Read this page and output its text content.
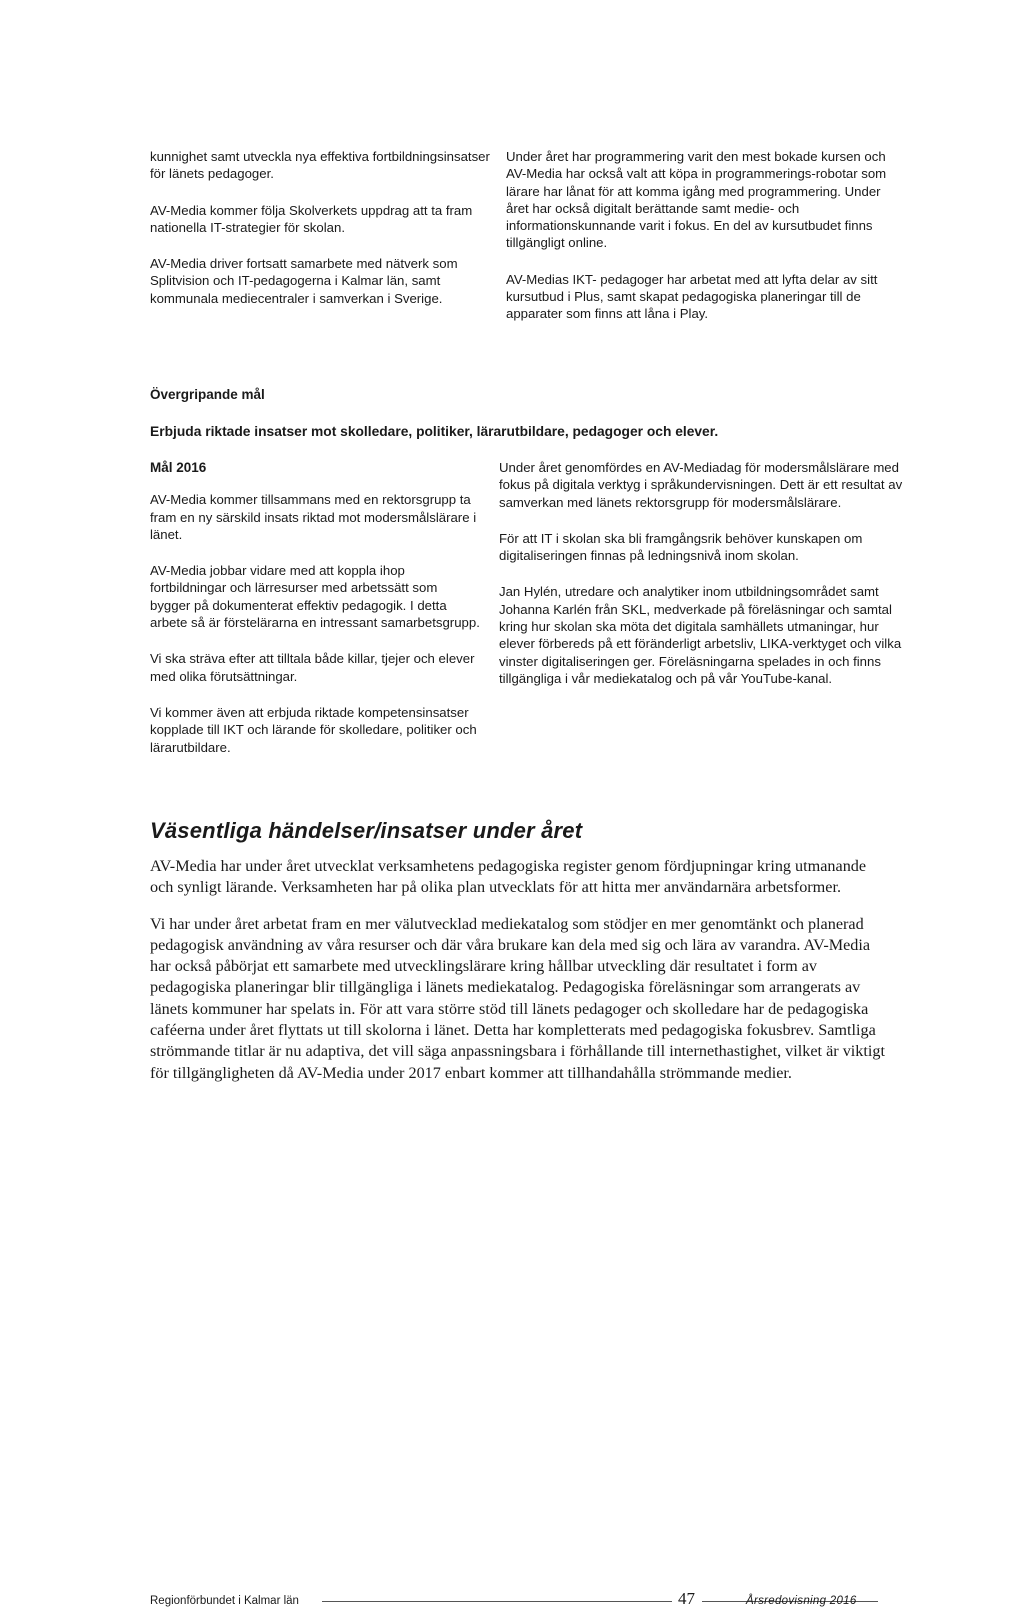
kunnighet samt utveckla nya effektiva fortbildningsinsatser för länets pedagoger.

AV-Media kommer följa Skolverkets uppdrag att ta fram nationella IT-strategier för skolan.

AV-Media driver fortsatt samarbete med nätverk som Splitvision och IT-pedagogerna i Kalmar län, samt kommunala mediecentraler i samverkan i Sverige.

Under året har programmering varit den mest bokade kursen och AV-Media har också valt att köpa in programmerings-robotar som lärare har lånat för att komma igång med programmering. Under året har också digitalt berättande samt medie- och informationskunnande varit i fokus. En del av kursutbudet finns tillgängligt online.

AV-Medias IKT- pedagoger har arbetat med att lyfta delar av sitt kursutbud i Plus, samt skapat pedagogiska planeringar till de apparater som finns att låna i Play.

Övergripande mål
Erbjuda riktade insatser mot skolledare, politiker, lärarutbildare, pedagoger och elever.
Mål 2016

AV-Media kommer tillsammans med en rektorsgrupp ta fram en ny särskild insats riktad mot modersmålslärare i länet.

AV-Media jobbar vidare med att koppla ihop fortbildningar och lärresurser med arbetssätt som bygger på dokumenterat effektiv pedagogik. I detta arbete så är förstelärarna en intressant samarbetsgrupp.

Vi ska sträva efter att tilltala både killar, tjejer och elever med olika förutsättningar.

Vi kommer även att erbjuda riktade kompetensinsatser kopplade till IKT och lärande för skolledare, politiker och lärarutbildare.

Under året genomfördes en AV-Mediadag för modersmålslärare med fokus på digitala verktyg i språkundervisningen. Dett är ett resultat av samverkan med länets rektorsgrupp för modersmålslärare.

För att IT i skolan ska bli framgångsrik behöver kunskapen om digitaliseringen finnas på ledningsnivå inom skolan.

Jan Hylén, utredare och analytiker inom utbildningsområdet samt Johanna Karlén från SKL, medverkade på föreläsningar och samtal kring hur skolan ska möta det digitala samhällets utmaningar, hur elever förbereds på ett föränderligt arbetsliv, LIKA-verktyget och vilka vinster digitaliseringen ger. Föreläsningarna spelades in och finns tillgängliga i vår mediekatalog och på vår YouTube-kanal.

Väsentliga händelser/insatser under året

AV-Media har under året utvecklat verksamhetens pedagogiska register genom fördjupningar kring utmanande och synligt lärande. Verksamheten har på olika plan utvecklats för att hitta mer användarnära arbetsformer.

Vi har under året arbetat fram en mer välutvecklad mediekatalog som stödjer en mer genomtänkt och planerad pedagogisk användning av våra resurser och där våra brukare kan dela med sig och lära av varandra. AV-Media har också påbörjat ett samarbete med utvecklingslärare kring hållbar utveckling där resultatet i form av pedagogiska planeringar blir tillgängliga i länets mediekatalog. Pedagogiska föreläsningar som arrangerats av länets kommuner har spelats in. För att vara större stöd till länets pedagoger och skolledare har de pedagogiska caféerna under året flyttats ut till skolorna i länet. Detta har kompletterats med pedagogiska fokusbrev. Samtliga strömmande titlar är nu adaptiva, det vill säga anpassningsbara i förhållande till internethastighet, vilket är viktigt för tillgängligheten då AV-Media under 2017 enbart kommer att tillhandahålla strömmande medier.

Regionförbundet i Kalmar län	47	Årsredovisning 2016
